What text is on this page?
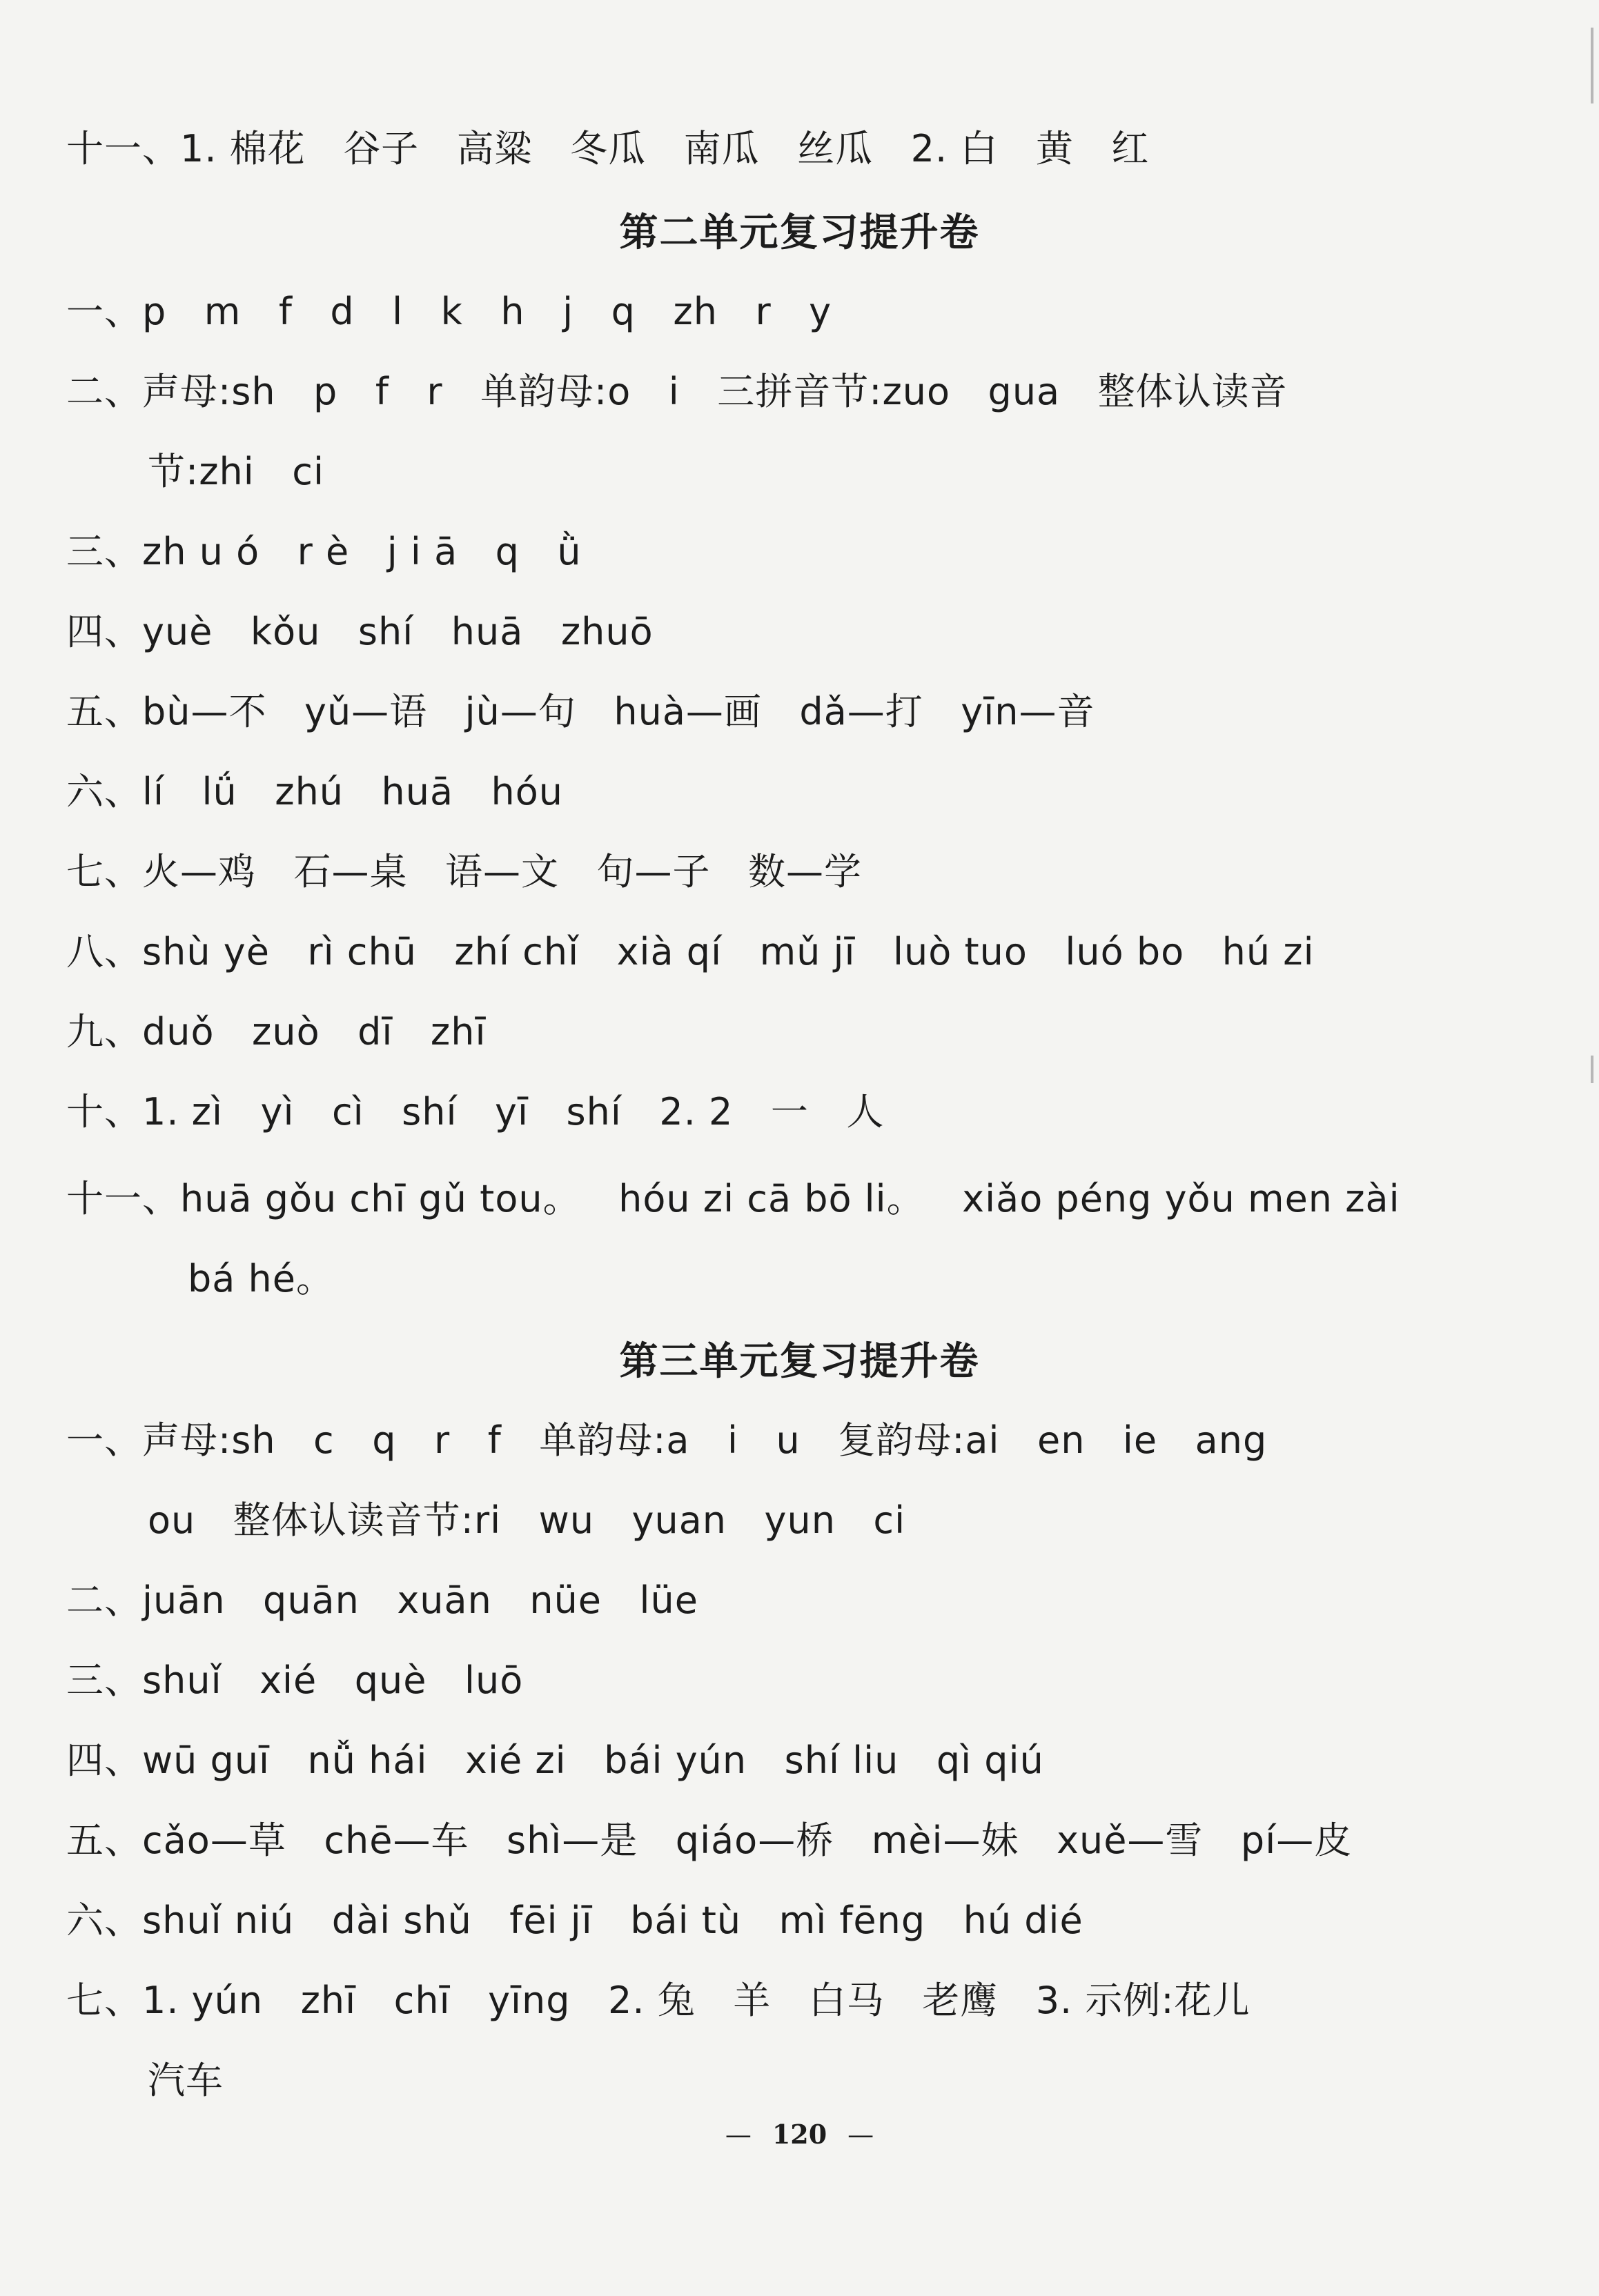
十一、1. 棉花   谷子   高粱   冬瓜   南瓜   丝瓜   2. 白   黄   红
第二单元复习提升卷
一、p   m   f   d   l   k   h   j   q   zh   r   y
二、声母:sh   p   f   r   单韵母:o   i   三拼音节:zuo   gua   整体认读音
节:zhi   ci
三、zh u ó   r è   j i ā   q   ǜ
四、yuè   kǒu   shí   huā   zhuō
五、bù—不   yǔ—语   jù—句   huà—画   dǎ—打   yīn—音
六、lí   lǘ   zhú   huā   hóu
七、火—鸡   石—桌   语—文   句—子   数—学
八、shù yè   rì chū   zhí chǐ   xià qí   mǔ jī   luò tuo   luó bo   hú zi
九、duǒ   zuò   dī   zhī
十、1. zì   yì   cì   shí   yī   shí   2. 2   一   人
十一、huā gǒu chī gǔ tou。   hóu zi cā bō li。   xiǎo péng yǒu men zài
bá hé。
第三单元复习提升卷
一、声母:sh   c   q   r   f   单韵母:a   i   u   复韵母:ai   en   ie   ang
ou   整体认读音节:ri   wu   yuan   yun   ci
二、juān   quān   xuān   nüe   lüe
三、shuǐ   xié   què   luō
四、wū guī   nǚ hái   xié zi   bái yún   shí liu   qì qiú
五、cǎo—草   chē—车   shì—是   qiáo—桥   mèi—妹   xuě—雪   pí—皮
六、shuǐ niú   dài shǔ   fēi jī   bái tù   mì fēng   hú dié
七、1. yún   zhī   chī   yīng   2. 兔   羊   白马   老鹰   3. 示例:花儿
汽车
— 120 —
